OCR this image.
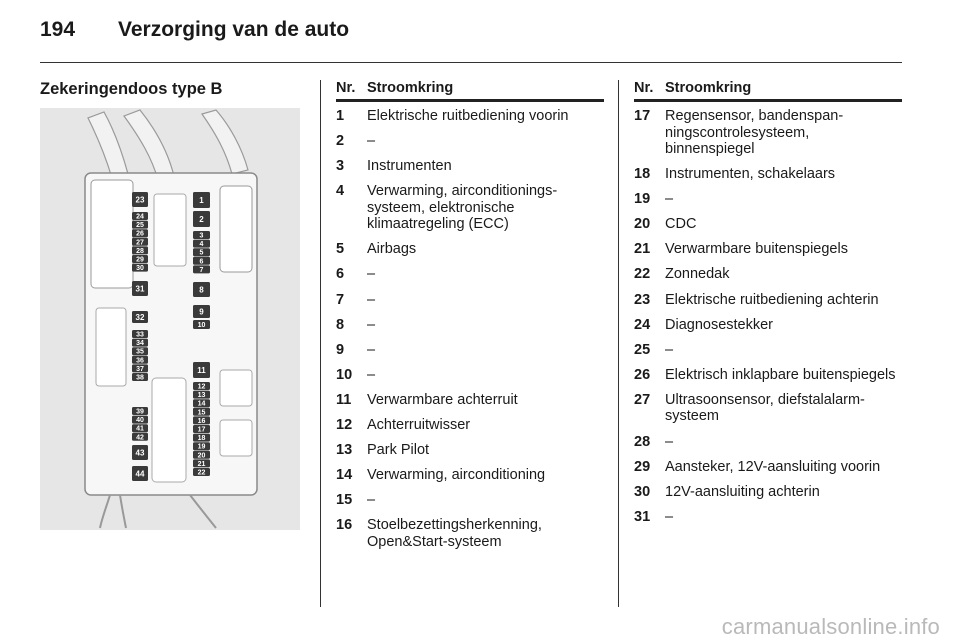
194 Verzorging van de auto
Zekeringendoos type B
23
24
25
26
27
28
29
30
31
32
33
34
35
36
37
38
39
40
41
42
43
44
1
2
3
4
5
6
7
8
9
10
11
12
13
14
15
16
17
18
19
20
21
22
Nr. Stroomkring
1	Elektrische ruitbediening voorin
2	–
3	Instrumenten
4	Verwarming, airconditionings-systeem, elektronische klimaatregeling (ECC)
5	Airbags
6	–
7	–
8	–
9	–
10	–
11	Verwarmbare achterruit
12	Achterruitwisser
13	Park Pilot
14	Verwarming, airconditioning
15	–
16	Stoelbezettingsherkenning, Open&Start-systeem
Nr. Stroomkring
17	Regensensor, bandenspan-ningscontrolesysteem, binnenspiegel
18	Instrumenten, schakelaars
19	–
20	CDC
21	Verwarmbare buitenspiegels
22	Zonnedak
23	Elektrische ruitbediening achterin
24	Diagnosestekker
25	–
26	Elektrisch inklapbare buitenspiegels
27	Ultrasoonsensor, diefstalalarm-systeem
28	–
29	Aansteker, 12V-aansluiting voorin
30	12V-aansluiting achterin
31	–
carmanualsonline.info
